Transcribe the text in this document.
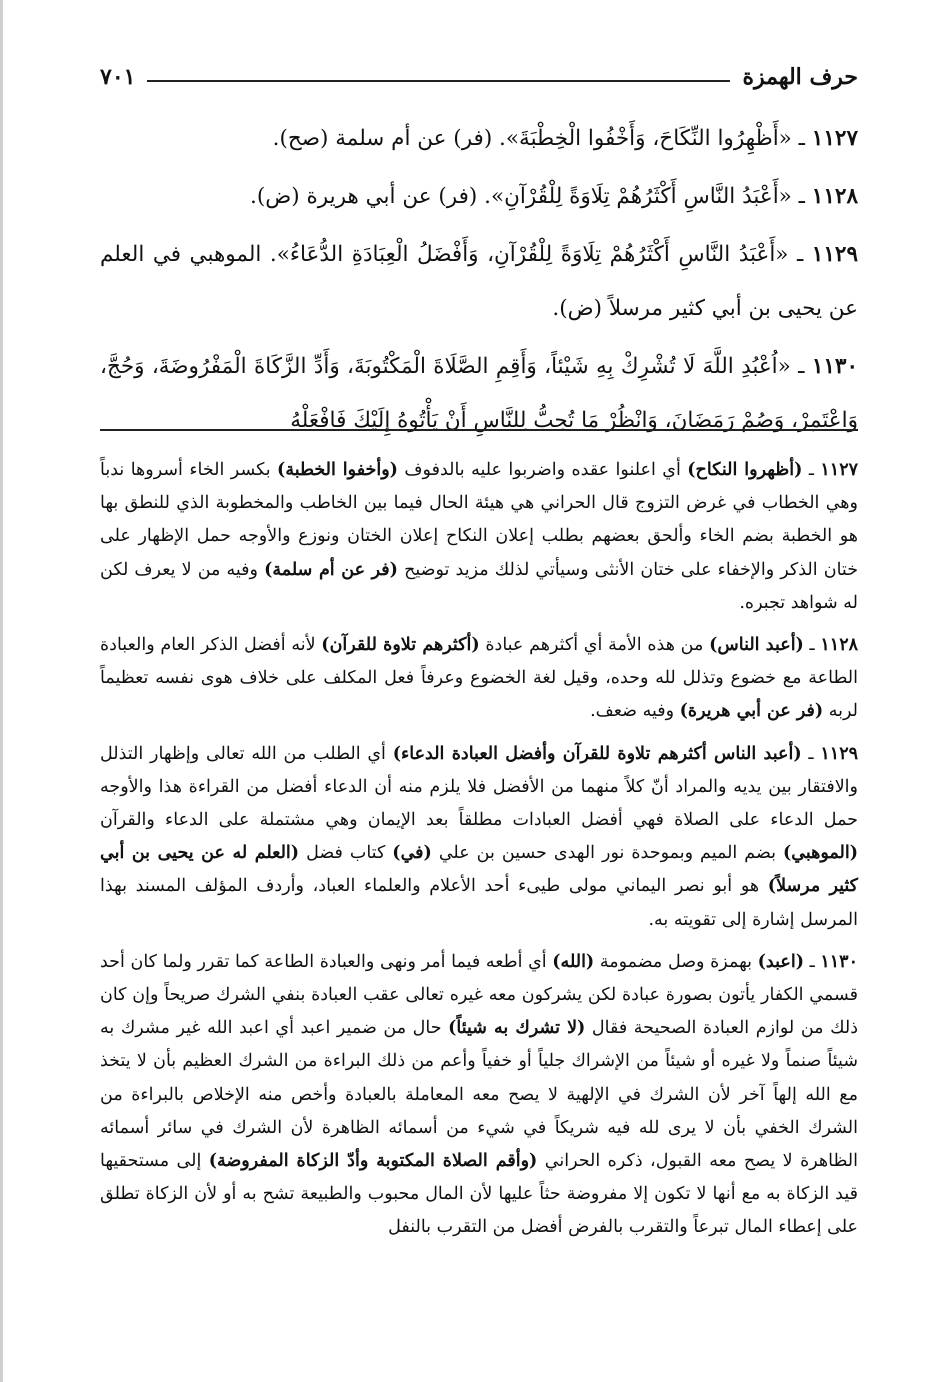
حرف الهمزة
٧٠١

١١٢٧ ـ «أَظْهِرُوا النِّكَاحَ، وَأَخْفُوا الْخِطْبَةَ». (فر) عن أم سلمة (صح).

١١٢٨ ـ «أَعْبَدُ النَّاسِ أَكْثَرُهُمْ تِلَاوَةً لِلْقُرْآنِ». (فر) عن أبي هريرة (ض).

١١٢٩ ـ «أَعْبَدُ النَّاسِ أَكْثَرُهُمْ تِلَاوَةً لِلْقُرْآنِ، وَأَفْضَلُ الْعِبَادَةِ الدُّعَاءُ». الموهبي في العلم عن يحيى بن أبي كثير مرسلاً (ض).

١١٣٠ ـ «اُعْبُدِ اللَّهَ لَا تُشْرِكْ بِهِ شَيْئاً، وَأَقِمِ الصَّلَاةَ الْمَكْتُوبَةَ، وَأَدِّ الزَّكَاةَ الْمَفْرُوضَةَ، وَحُجَّ، وَاعْتَمِرْ، وَصُمْ رَمَضَانَ، وَانْظُرْ مَا تُحِبُّ لِلنَّاسِ أَنْ يَأْتُوهُ إِلَيْكَ فَافْعَلْهُ

١١٢٧ ـ (أظهروا النكاح) أي اعلنوا عقده واضربوا عليه بالدفوف (وأخفوا الخطبة) بكسر الخاء أسروها ندباً وهي الخطاب في غرض التزوج قال الحراني هي هيئة الحال فيما بين الخاطب والمخطوبة الذي للنطق بها هو الخطبة بضم الخاء وألحق بعضهم بطلب إعلان النكاح إعلان الختان ونوزع والأوجه حمل الإظهار على ختان الذكر والإخفاء على ختان الأنثى وسيأتي لذلك مزيد توضيح (فر عن أم سلمة) وفيه من لا يعرف لكن له شواهد تجبره.

١١٢٨ ـ (أعبد الناس) من هذه الأمة أي أكثرهم عبادة (أكثرهم تلاوة للقرآن) لأنه أفضل الذكر العام والعبادة الطاعة مع خضوع وتذلل لله وحده، وقيل لغة الخضوع وعرفاً فعل المكلف على خلاف هوى نفسه تعظيماً لربه (فر عن أبي هريرة) وفيه ضعف.

١١٢٩ ـ (أعبد الناس أكثرهم تلاوة للقرآن وأفضل العبادة الدعاء) أي الطلب من الله تعالى وإظهار التذلل والافتقار بين يديه والمراد أنّ كلاً منهما من الأفضل فلا يلزم منه أن الدعاء أفضل من القراءة هذا والأوجه حمل الدعاء على الصلاة فهي أفضل العبادات مطلقاً بعد الإيمان وهي مشتملة على الدعاء والقرآن (الموهبي) بضم الميم وبموحدة نور الهدى حسين بن علي (في) كتاب فضل (العلم له عن يحيى بن أبي كثير مرسلاً) هو أبو نصر اليماني مولى طيىء أحد الأعلام والعلماء العباد، وأردف المؤلف المسند بهذا المرسل إشارة إلى تقويته به.

١١٣٠ ـ (اعبد) بهمزة وصل مضمومة (الله) أي أطعه فيما أمر ونهى والعبادة الطاعة كما تقرر ولما كان أحد قسمي الكفار يأتون بصورة عبادة لكن يشركون معه غيره تعالى عقب العبادة بنفي الشرك صريحاً وإن كان ذلك من لوازم العبادة الصحيحة فقال (لا تشرك به شيئاً) حال من ضمير اعبد أي اعبد الله غير مشرك به شيئاً صنماً ولا غيره أو شيئاً من الإشراك جلياً أو خفياً وأعم من ذلك البراءة من الشرك العظيم بأن لا يتخذ مع الله إلهاً آخر لأن الشرك في الإلهية لا يصح معه المعاملة بالعبادة وأخص منه الإخلاص بالبراءة من الشرك الخفي بأن لا يرى لله فيه شريكاً في شيء من أسمائه الظاهرة لأن الشرك في سائر أسمائه الظاهرة لا يصح معه القبول، ذكره الحراني (وأقم الصلاة المكتوبة وأدّ الزكاة المفروضة) إلى مستحقيها قيد الزكاة به مع أنها لا تكون إلا مفروضة حثاً عليها لأن المال محبوب والطبيعة تشح به أو لأن الزكاة تطلق على إعطاء المال تبرعاً والتقرب بالفرض أفضل من التقرب بالنفل
